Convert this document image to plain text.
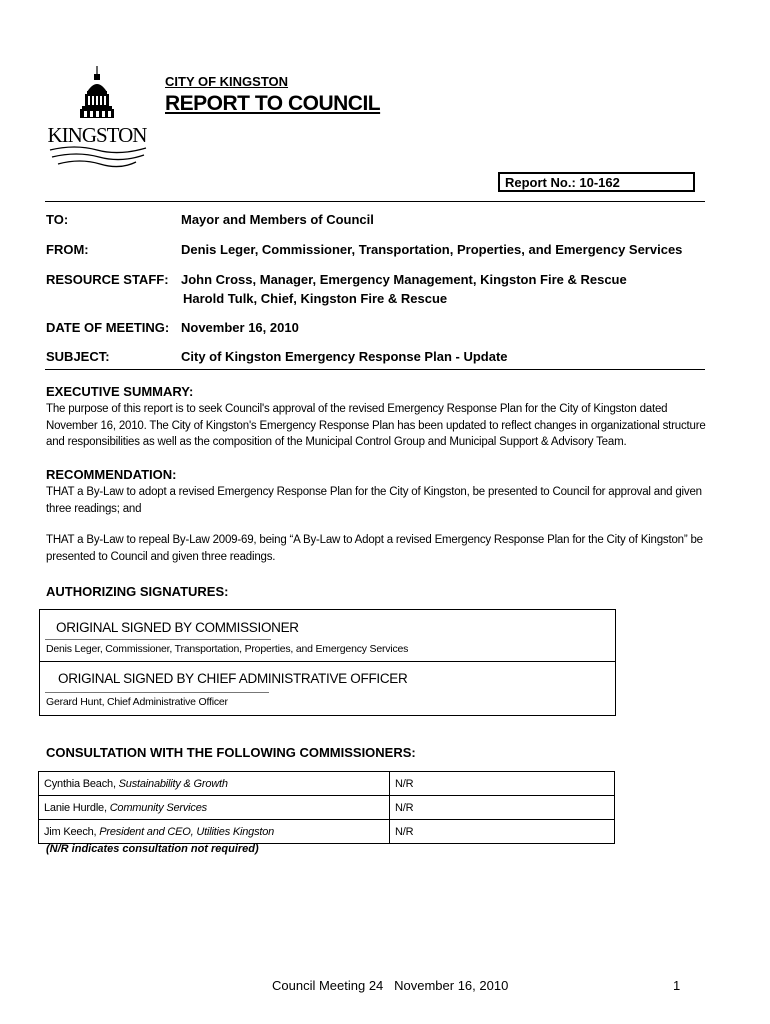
KINGSTON
CITY OF KINGSTON
REPORT TO COUNCIL
Report No.: 10-162
TO:	Mayor and Members of Council
FROM:	Denis Leger, Commissioner, Transportation, Properties, and Emergency Services
RESOURCE STAFF: John Cross, Manager, Emergency Management, Kingston Fire & Rescue
Harold Tulk, Chief, Kingston Fire & Rescue
DATE OF MEETING: November 16, 2010
SUBJECT:	City of Kingston Emergency Response Plan - Update
EXECUTIVE SUMMARY:
The purpose of this report is to seek Council's approval of the revised Emergency Response Plan for the City of Kingston dated
November 16, 2010. The City of Kingston's Emergency Response Plan has been updated to reflect changes in organizational structure
and responsibilities as well as the composition of the Municipal Control Group and Municipal Support & Advisory Team.
RECOMMENDATION:
THAT a By-Law to adopt a revised Emergency Response Plan for the City of Kingston, be presented to Council for approval and given
three readings; and
THAT a By-Law to repeal By-Law 2009-69, being “A By-Law to Adopt a revised Emergency Response Plan for the City of Kingston” be
presented to Council and given three readings.
AUTHORIZING SIGNATURES:
ORIGINAL SIGNED BY COMMISSIONER
Denis Leger, Commissioner, Transportation, Properties, and Emergency Services
ORIGINAL SIGNED BY CHIEF ADMINISTRATIVE OFFICER
Gerard Hunt, Chief Administrative Officer
CONSULTATION WITH THE FOLLOWING COMMISSIONERS:
Cynthia Beach, Sustainability & Growth	N/R
Lanie Hurdle, Community Services	N/R
Jim Keech, President and CEO, Utilities Kingston	N/R
(N/R indicates consultation not required)
Council Meeting 24   November 16, 2010	1
